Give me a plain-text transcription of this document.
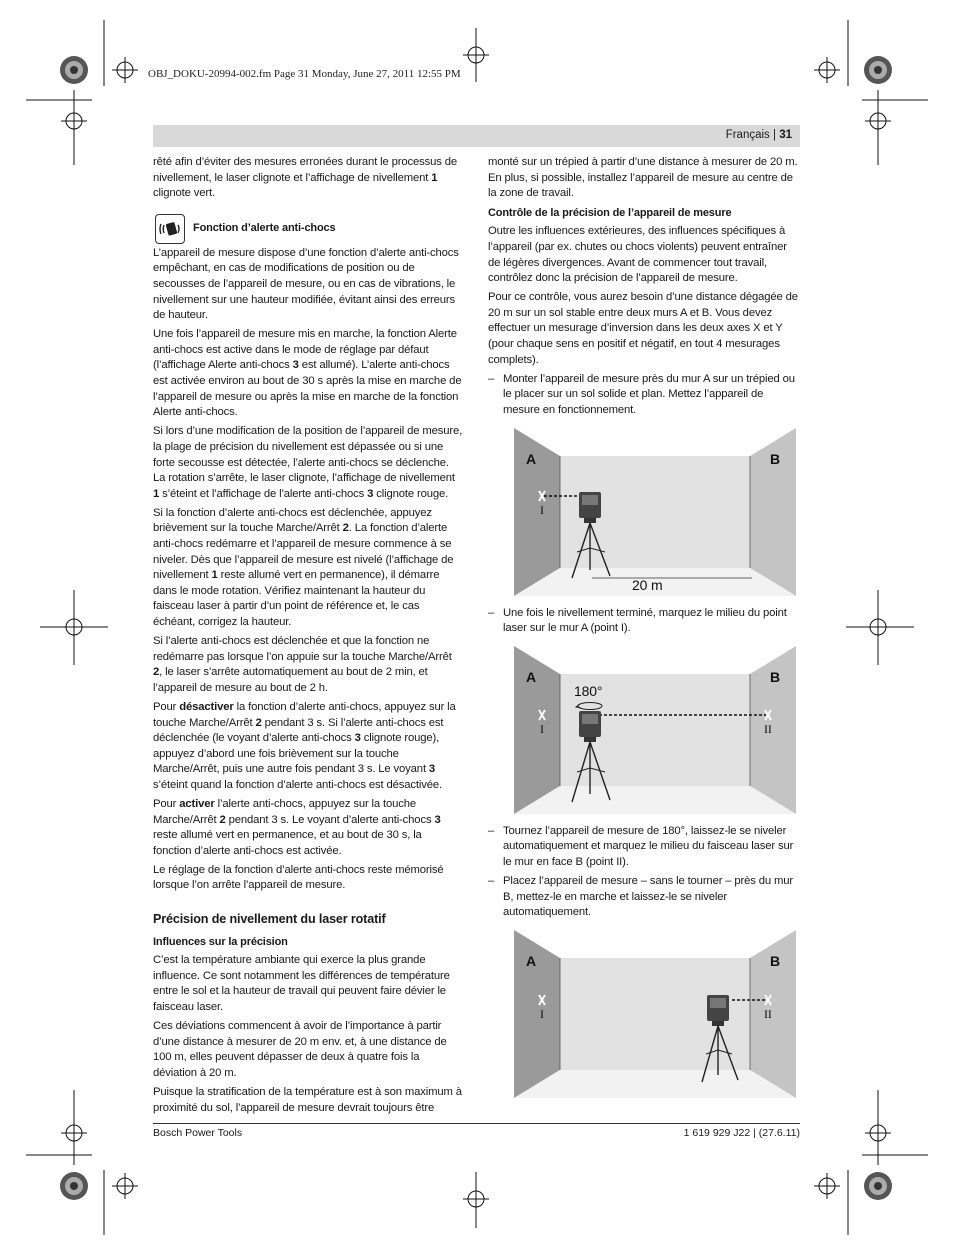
OBJ_DOKU-20994-002.fm Page 31 Monday, June 27, 2011 12:55 PM
Français | 31

rêté afin d’éviter des mesures erronées durant le processus de nivellement, le laser clignote et l’affichage de nivellement 1 clignote vert.

Fonction d’alerte anti-chocs

L’appareil de mesure dispose d’une fonction d’alerte anti-chocs empêchant, en cas de modifications de position ou de secousses de l’appareil de mesure, ou en cas de vibrations, le nivellement sur une hauteur modifiée, évitant ainsi des erreurs de hauteur.

Une fois l’appareil de mesure mis en marche, la fonction Alerte anti-chocs est active dans le mode de réglage par défaut (l’affichage Alerte anti-chocs 3 est allumé). L’alerte anti-chocs est activée environ au bout de 30 s après la mise en marche de l’appareil de mesure ou après la mise en marche de la fonction Alerte anti-chocs.

Si lors d’une modification de la position de l’appareil de mesure, la plage de précision du nivellement est dépassée ou si une forte secousse est détectée, l’alerte anti-chocs se déclenche. La rotation s’arrête, le laser clignote, l’affichage de nivellement 1 s’éteint et l’affichage de l’alerte anti-chocs 3 clignote rouge.

Si la fonction d’alerte anti-chocs est déclenchée, appuyez brièvement sur la touche Marche/Arrêt 2. La fonction d’alerte anti-chocs redémarre et l’appareil de mesure commence à se niveler. Dès que l’appareil de mesure est nivelé (l’affichage de nivellement 1 reste allumé vert en permanence), il démarre dans le mode rotation. Vérifiez maintenant la hauteur du faisceau laser à partir d’un point de référence et, le cas échéant, corrigez la hauteur.

Si l’alerte anti-chocs est déclenchée et que la fonction ne redémarre pas lorsque l’on appuie sur la touche Marche/Arrêt 2, le laser s’arrête automatiquement au bout de 2 min, et l’appareil de mesure au bout de 2 h.

Pour désactiver la fonction d’alerte anti-chocs, appuyez sur la touche Marche/Arrêt 2 pendant 3 s. Si l’alerte anti-chocs est déclenchée (le voyant d’alerte anti-chocs 3 clignote rouge), appuyez d’abord une fois brièvement sur la touche Marche/Arrêt, puis une autre fois pendant 3 s. Le voyant 3 s’éteint quand la fonction d’alerte anti-chocs est désactivée.

Pour activer l’alerte anti-chocs, appuyez sur la touche Marche/Arrêt 2 pendant 3 s. Le voyant d’alerte anti-chocs 3 reste allumé vert en permanence, et au bout de 30 s, la fonction d’alerte anti-chocs est activée.

Le réglage de la fonction d’alerte anti-chocs reste mémorisé lorsque l’on arrête l’appareil de mesure.

Précision de nivellement du laser rotatif
Influences sur la précision

C’est la température ambiante qui exerce la plus grande influence. Ce sont notamment les différences de température entre le sol et la hauteur de travail qui peuvent faire dévier le faisceau laser.

Ces déviations commencent à avoir de l’importance à partir d’une distance à mesurer de 20 m env. et, à une distance de 100 m, elles peuvent dépasser de deux à quatre fois la déviation à 20 m.

Puisque la stratification de la température est à son maximum à proximité du sol, l’appareil de mesure devrait toujours être

monté sur un trépied à partir d’une distance à mesurer de 20 m. En plus, si possible, installez l’appareil de mesure au centre de la zone de travail.

Contrôle de la précision de l’appareil de mesure

Outre les influences extérieures, des influences spécifiques à l’appareil (par ex. chutes ou chocs violents) peuvent entraîner de légères divergences. Avant de commencer tout travail, contrôlez donc la précision de l’appareil de mesure.

Pour ce contrôle, vous aurez besoin d’une distance dégagée de 20 m sur un sol stable entre deux murs A et B. Vous devez effectuer un mesurage d’inversion dans les deux axes X et Y (pour chaque sens en positif et négatif, en tout 4 mesurages complets).

– Monter l’appareil de mesure près du mur A sur un trépied ou le placer sur un sol solide et plan. Mettez l’appareil de mesure en fonctionnement.
A	B
I
20 m
– Une fois le nivellement terminé, marquez le milieu du point laser sur le mur A (point I).
A	B
180°
I	II
– Tournez l’appareil de mesure de 180°, laissez-le se niveler automatiquement et marquez le milieu du faisceau laser sur le mur en face B (point II).
– Placez l’appareil de mesure – sans le tourner – près du mur B, mettez-le en marche et laissez-le se niveler automatiquement.
A	B
I	II
Bosch Power Tools	1 619 929 J22 | (27.6.11)
